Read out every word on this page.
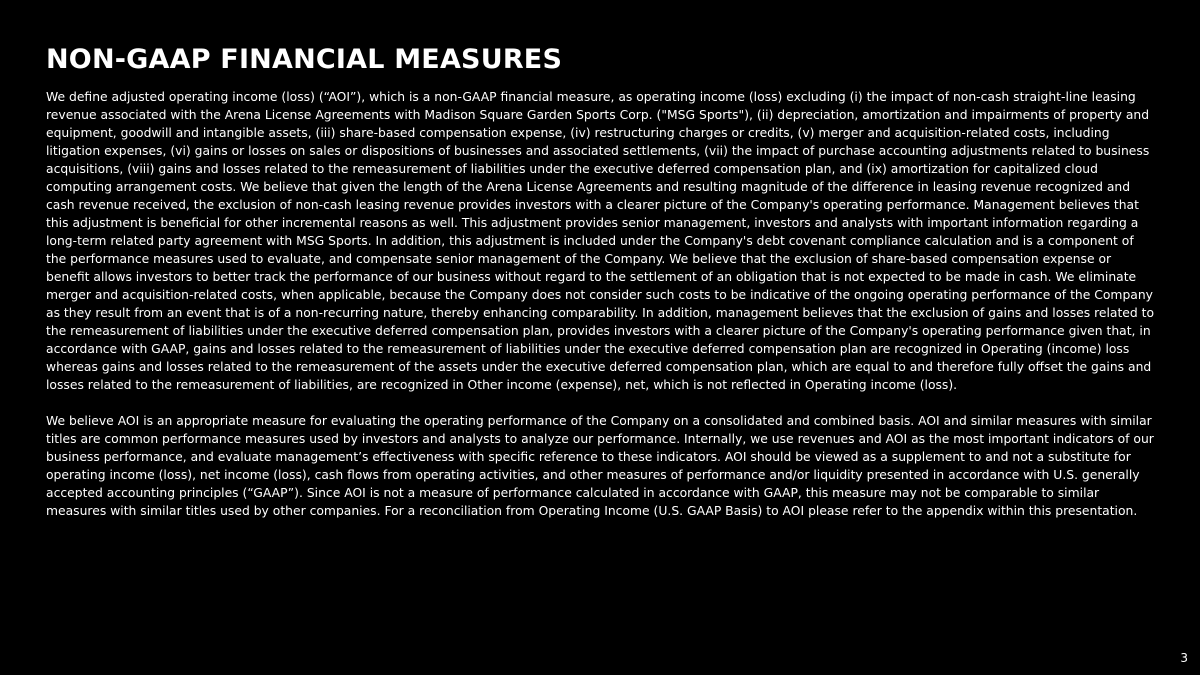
NON-GAAP FINANCIAL MEASURES

We define adjusted operating income (loss) (“AOI”), which is a non-GAAP financial measure, as operating income (loss) excluding (i) the impact of non-cash straight-line leasing revenue associated with the Arena License Agreements with Madison Square Garden Sports Corp. ("MSG Sports"), (ii) depreciation, amortization and impairments of property and equipment, goodwill and intangible assets, (iii) share-based compensation expense, (iv) restructuring charges or credits, (v) merger and acquisition-related costs, including litigation expenses, (vi) gains or losses on sales or dispositions of businesses and associated settlements, (vii) the impact of purchase accounting adjustments related to business acquisitions, (viii) gains and losses related to the remeasurement of liabilities under the executive deferred compensation plan, and (ix) amortization for capitalized cloud computing arrangement costs. We believe that given the length of the Arena License Agreements and resulting magnitude of the difference in leasing revenue recognized and cash revenue received, the exclusion of non-cash leasing revenue provides investors with a clearer picture of the Company's operating performance. Management believes that this adjustment is beneficial for other incremental reasons as well. This adjustment provides senior management, investors and analysts with important information regarding a long-term related party agreement with MSG Sports. In addition, this adjustment is included under the Company's debt covenant compliance calculation and is a component of the performance measures used to evaluate, and compensate senior management of the Company. We believe that the exclusion of share-based compensation expense or benefit allows investors to better track the performance of our business without regard to the settlement of an obligation that is not expected to be made in cash. We eliminate merger and acquisition-related costs, when applicable, because the Company does not consider such costs to be indicative of the ongoing operating performance of the Company as they result from an event that is of a non-recurring nature, thereby enhancing comparability. In addition, management believes that the exclusion of gains and losses related to the remeasurement of liabilities under the executive deferred compensation plan, provides investors with a clearer picture of the Company's operating performance given that, in accordance with GAAP, gains and losses related to the remeasurement of liabilities under the executive deferred compensation plan are recognized in Operating (income) loss whereas gains and losses related to the remeasurement of the assets under the executive deferred compensation plan, which are equal to and therefore fully offset the gains and losses related to the remeasurement of liabilities, are recognized in Other income (expense), net, which is not reflected in Operating income (loss).

We believe AOI is an appropriate measure for evaluating the operating performance of the Company on a consolidated and combined basis. AOI and similar measures with similar titles are common performance measures used by investors and analysts to analyze our performance. Internally, we use revenues and AOI as the most important indicators of our business performance, and evaluate management’s effectiveness with specific reference to these indicators. AOI should be viewed as a supplement to and not a substitute for operating income (loss), net income (loss), cash flows from operating activities, and other measures of performance and/or liquidity presented in accordance with U.S. generally accepted accounting principles (“GAAP”). Since AOI is not a measure of performance calculated in accordance with GAAP, this measure may not be comparable to similar measures with similar titles used by other companies. For a reconciliation from Operating Income (U.S. GAAP Basis) to AOI please refer to the appendix within this presentation.

3
